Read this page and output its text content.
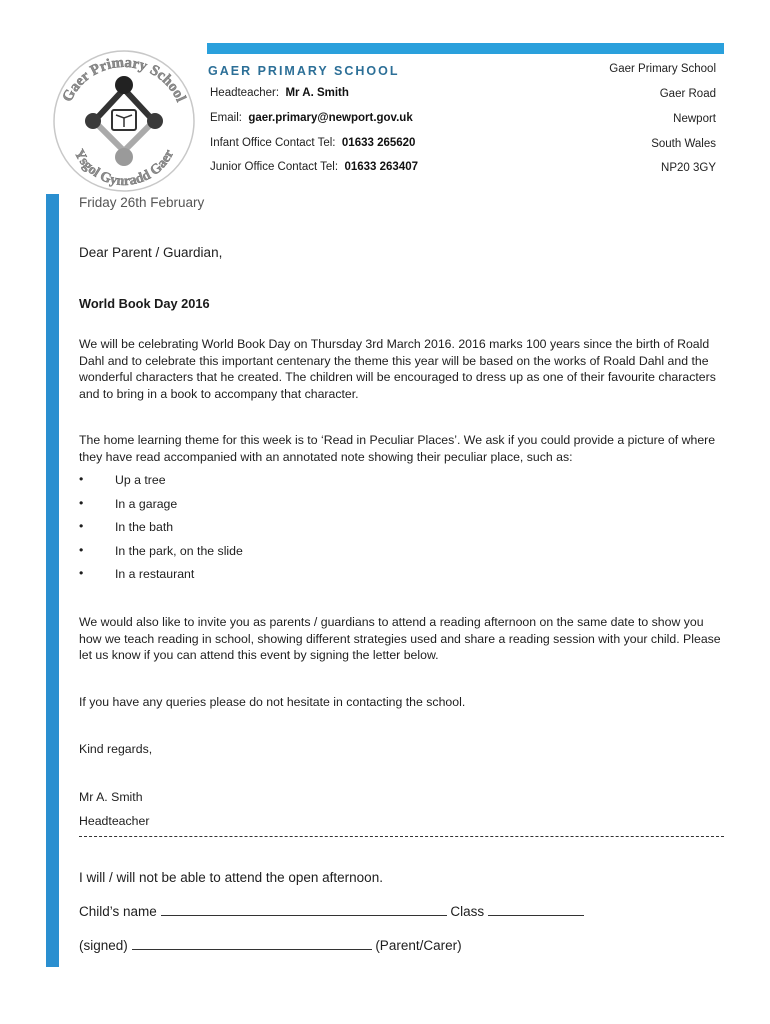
Gaer Primary School
Ysgol Gynradd Gaer
GAER PRIMARY SCHOOL
Headteacher: Mr A. Smith
Email: gaer.primary@newport.gov.uk
Infant Office Contact Tel: 01633 265620
Junior Office Contact Tel: 01633 263407
Gaer Primary School
Gaer Road
Newport
South Wales
NP20 3GY
Friday 26th February
Dear Parent / Guardian,
World Book Day 2016
We will be celebrating World Book Day on Thursday 3rd March 2016. 2016 marks 100 years since the birth of Roald Dahl and to celebrate this important centenary the theme this year will be based on the works of Roald Dahl and the wonderful characters that he created. The children will be encouraged to dress up as one of their favourite characters and to bring in a book to accompany that character.
The home learning theme for this week is to ‘Read in Peculiar Places’. We ask if you could provide a picture of where they have read accompanied with an annotated note showing their peculiar place, such as:
•	Up a tree
•	In a garage
•	In the bath
•	In the park, on the slide
•	In a restaurant
We would also like to invite you as parents / guardians to attend a reading afternoon on the same date to show you how we teach reading in school, showing different strategies used and share a reading session with your child. Please let us know if you can attend this event by signing the letter below.
If you have any queries please do not hesitate in contacting the school.
Kind regards,
Mr A. Smith
Headteacher
I will / will not be able to attend the open afternoon.
Child’s name	Class
(signed)	(Parent/Carer)
